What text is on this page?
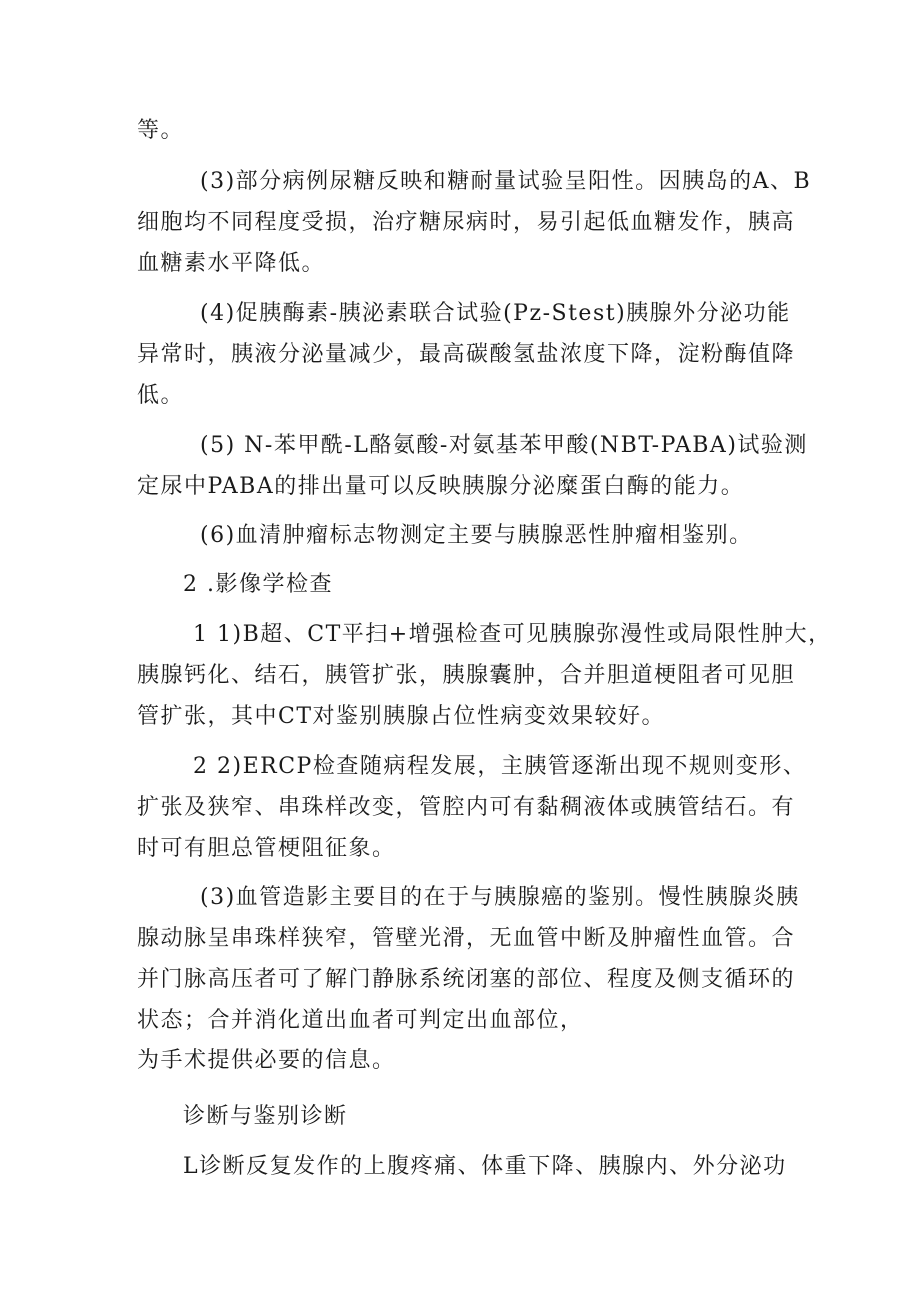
等。
(3)部分病例尿糖反映和糖耐量试验呈阳性。因胰岛的A、B
细胞均不同程度受损，治疗糖尿病时，易引起低血糖发作，胰高
血糖素水平降低。
(4)促胰酶素-胰泌素联合试验(Pz-Stest)胰腺外分泌功能
异常时，胰液分泌量减少，最高碳酸氢盐浓度下降，淀粉酶值降
低。
(5) N-苯甲酰-L酪氨酸-对氨基苯甲酸(NBT-PABA)试验测
定尿中PABA的排出量可以反映胰腺分泌糜蛋白酶的能力。
(6)血清肿瘤标志物测定主要与胰腺恶性肿瘤相鉴别。
2 .影像学检查
1 1)B超、CT平扫+增强检查可见胰腺弥漫性或局限性肿大，
胰腺钙化、结石，胰管扩张，胰腺囊肿，合并胆道梗阻者可见胆
管扩张，其中CT对鉴别胰腺占位性病变效果较好。
2 2)ERCP检查随病程发展，主胰管逐渐出现不规则变形、
扩张及狭窄、串珠样改变，管腔内可有黏稠液体或胰管结石。有
时可有胆总管梗阻征象。
(3)血管造影主要目的在于与胰腺癌的鉴别。慢性胰腺炎胰
腺动脉呈串珠样狭窄，管壁光滑，无血管中断及肿瘤性血管。合
并门脉高压者可了解门静脉系统闭塞的部位、程度及侧支循环的
状态；合并消化道出血者可判定出血部位，
为手术提供必要的信息。
诊断与鉴别诊断
L诊断反复发作的上腹疼痛、体重下降、胰腺内、外分泌功
